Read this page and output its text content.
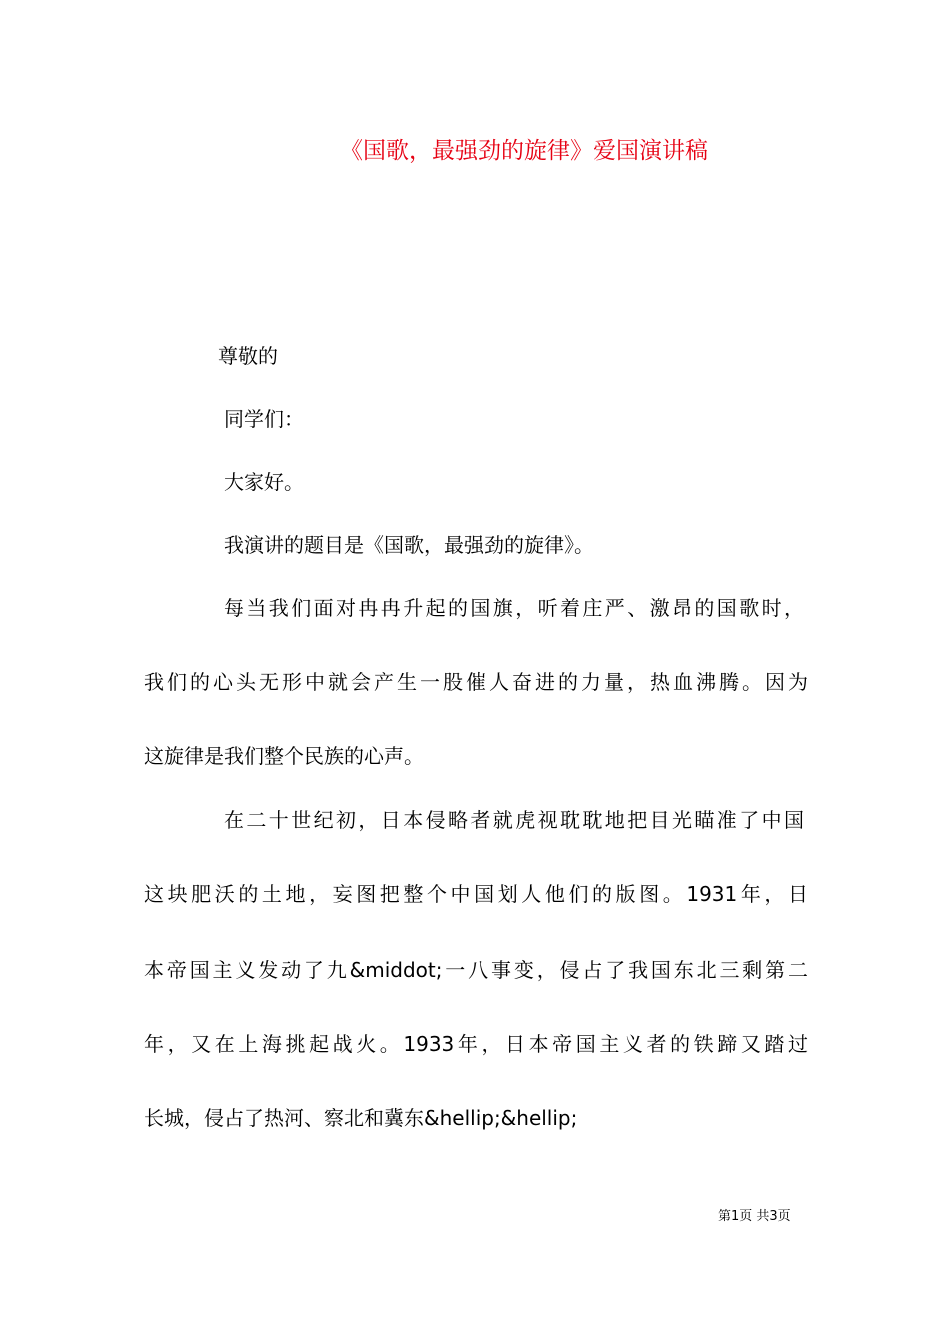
《国歌，最强劲的旋律》爱国演讲稿
尊敬的
同学们：
大家好。
我演讲的题目是《国歌，最强劲的旋律》。
每当我们面对冉冉升起的国旗，听着庄严、激昂的国歌时，
我们的心头无形中就会产生一股催人奋进的力量，热血沸腾。因为
这旋律是我们整个民族的心声。
在二十世纪初，日本侵略者就虎视耽耽地把目光瞄准了中国
这块肥沃的土地，妄图把整个中国划人他们的版图。1931年，日
本帝国主义发动了九&middot;一八事变，侵占了我国东北三剩第二
年，又在上海挑起战火。1933年，日本帝国主义者的铁蹄又踏过
长城，侵占了热河、察北和冀东&hellip;&hellip;
第1页 共3页
